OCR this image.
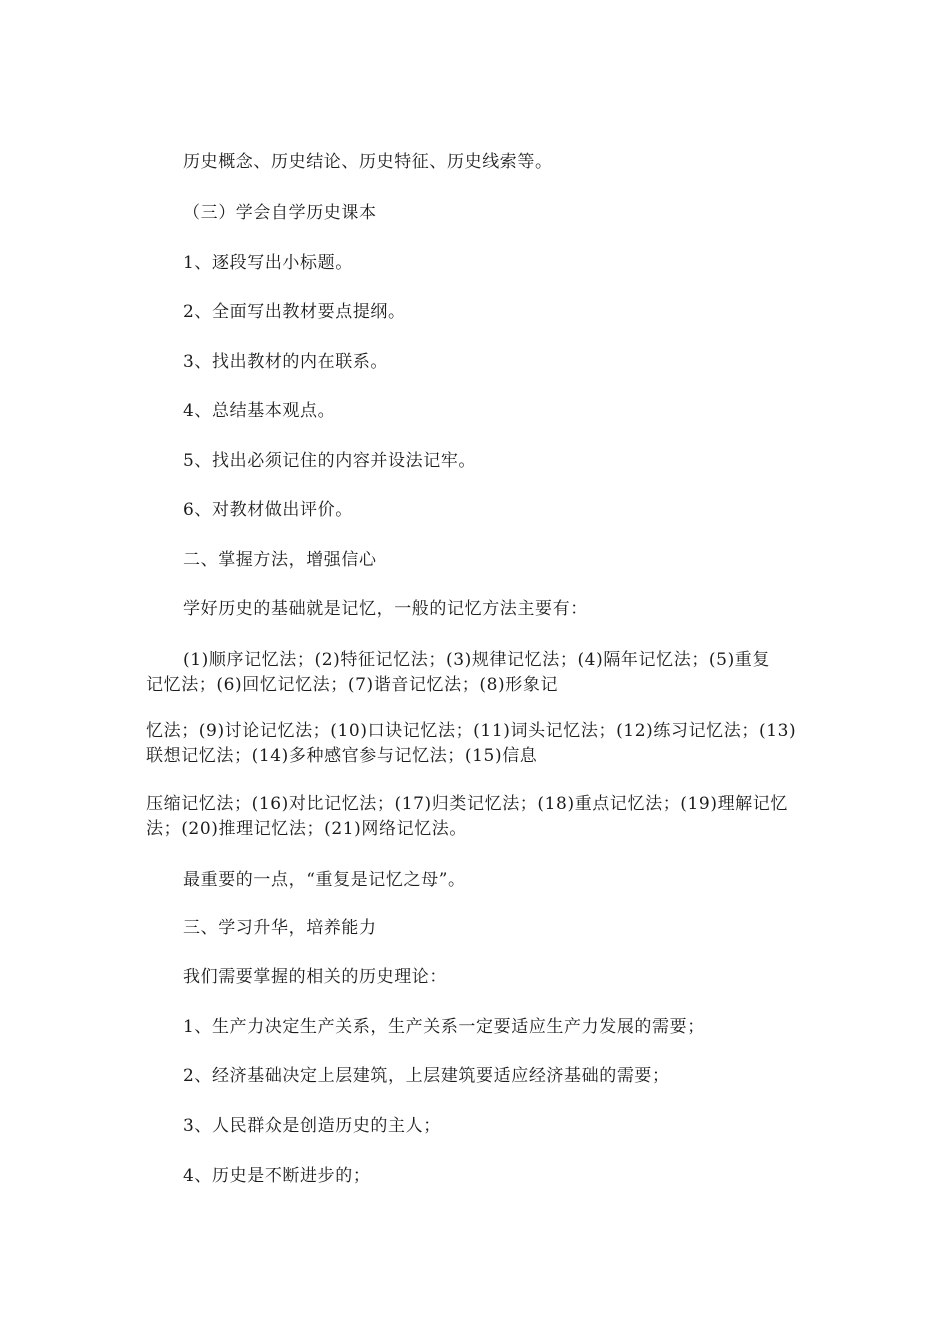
历史概念、历史结论、历史特征、历史线索等。
（三）学会自学历史课本
1、逐段写出小标题。
2、全面写出教材要点提纲。
3、找出教材的内在联系。
4、总结基本观点。
5、找出必须记住的内容并设法记牢。
6、对教材做出评价。
二、掌握方法，增强信心
学好历史的基础就是记忆，一般的记忆方法主要有：
(1)顺序记忆法；(2)特征记忆法；(3)规律记忆法；(4)隔年记忆法；(5)重复
记忆法；(6)回忆记忆法；(7)谐音记忆法；(8)形象记
忆法；(9)讨论记忆法；(10)口诀记忆法；(11)词头记忆法；(12)练习记忆法；(13)
联想记忆法；(14)多种感官参与记忆法；(15)信息
压缩记忆法；(16)对比记忆法；(17)归类记忆法；(18)重点记忆法；(19)理解记忆
法；(20)推理记忆法；(21)网络记忆法。
最重要的一点，“重复是记忆之母”。
三、学习升华，培养能力
我们需要掌握的相关的历史理论：
1、生产力决定生产关系，生产关系一定要适应生产力发展的需要；
2、经济基础决定上层建筑，上层建筑要适应经济基础的需要；
3、人民群众是创造历史的主人；
4、历史是不断进步的；
